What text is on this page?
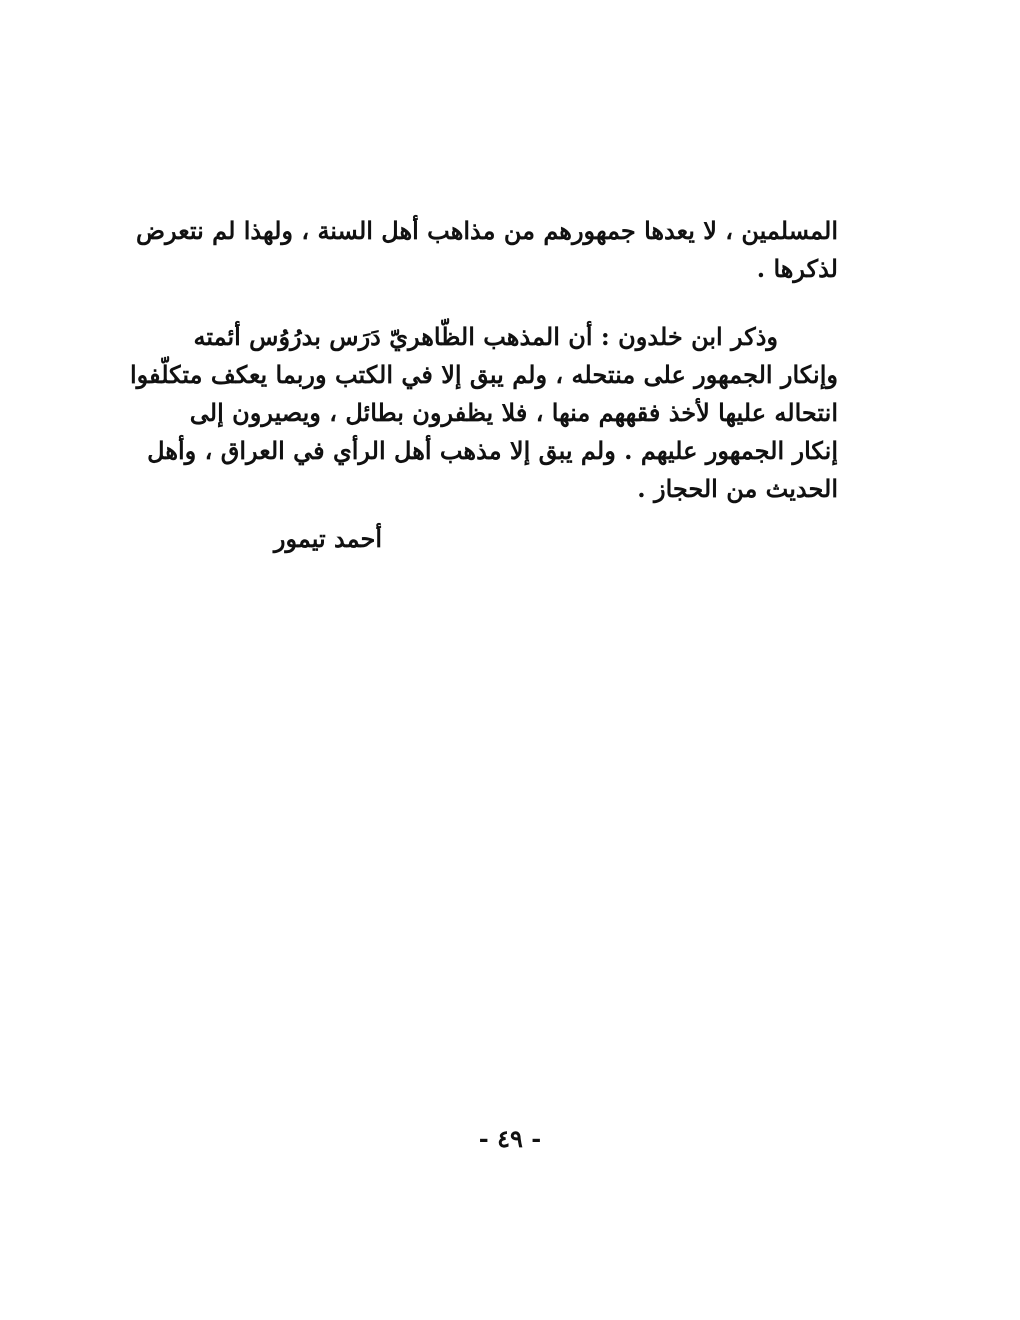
المسلمين ، لا يعدها جمهورهم من مذاهب أهل السنة ، ولهذا لم نتعرض
لذكرها .
وذكر ابن خلدون : أن المذهب الظّاهريّ دَرَس بدرُوُس أئمته
وإنكار الجمهور على منتحله ، ولم يبق إلا في الكتب وربما يعكف متكلّفوا
انتحاله عليها لأخذ فقههم منها ، فلا يظفرون بطائل ، ويصيرون إلى
إنكار الجمهور عليهم . ولم يبق إلا مذهب أهل الرأي في العراق ، وأهل
الحديث من الحجاز .
أحمد تيمور
- ٤٩ -
